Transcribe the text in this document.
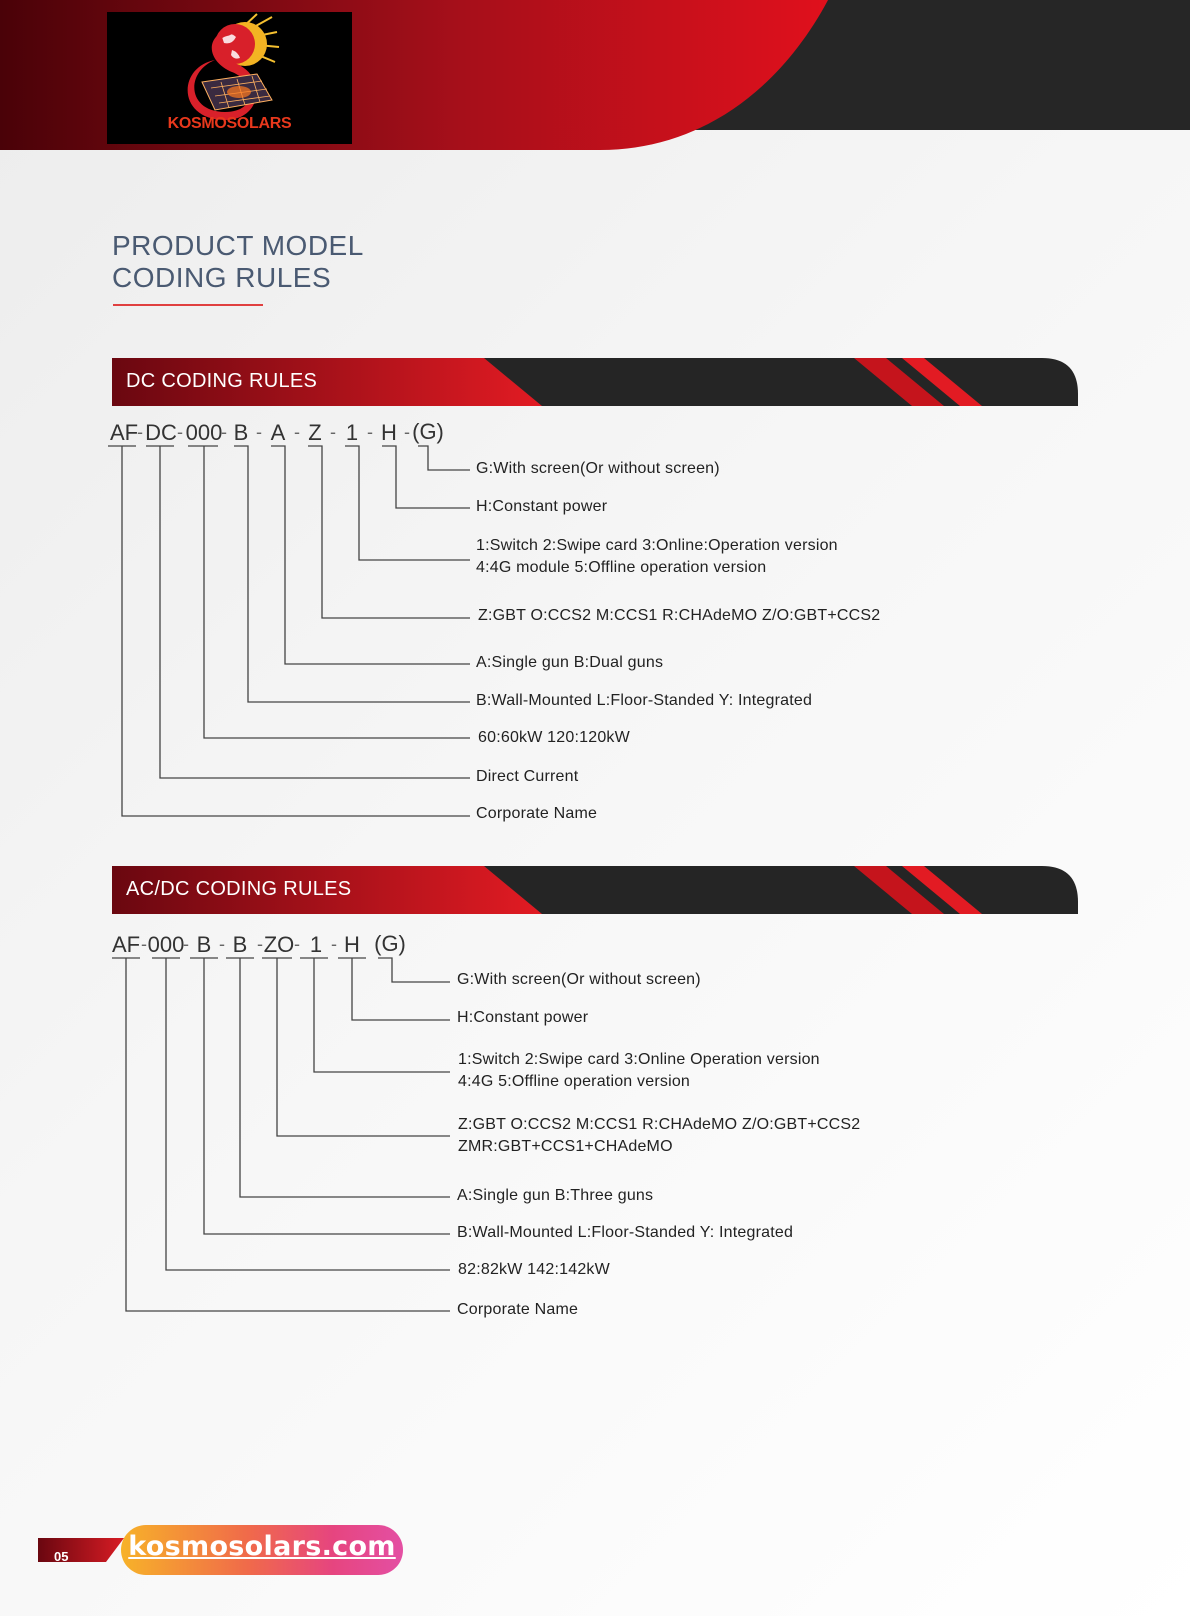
KOSMOSOLARS
PRODUCT MODEL
CODING RULES
DC CODING RULES
AF
- DC - 000
- B - A - Z - 1 - H - (G)
G:With screen(Or without screen)
H:Constant power
1:Switch 2:Swipe card 3:Online:Operation version
4:4G module 5:Offline operation version
Z:GBT O:CCS2 M:CCS1 R:CHAdeMO Z/O:GBT+CCS2
A:Single gun B:Dual guns
B:Wall-Mounted L:Floor-Standed Y: Integrated
60:60kW 120:120kW
Direct Current
Corporate Name
AC/DC CODING RULES
AF - 000
- B - B - ZO - 1 - H (G)
G:With screen(Or without screen)
H:Constant power
1:Switch 2:Swipe card 3:Online Operation version
4:4G 5:Offline operation version
Z:GBT O:CCS2 M:CCS1 R:CHAdeMO Z/O:GBT+CCS2
ZMR:GBT+CCS1+CHAdeMO
A:Single gun B:Three guns
B:Wall-Mounted L:Floor-Standed Y: Integrated
82:82kW 142:142kW
Corporate Name
05 kosmosolars.com
